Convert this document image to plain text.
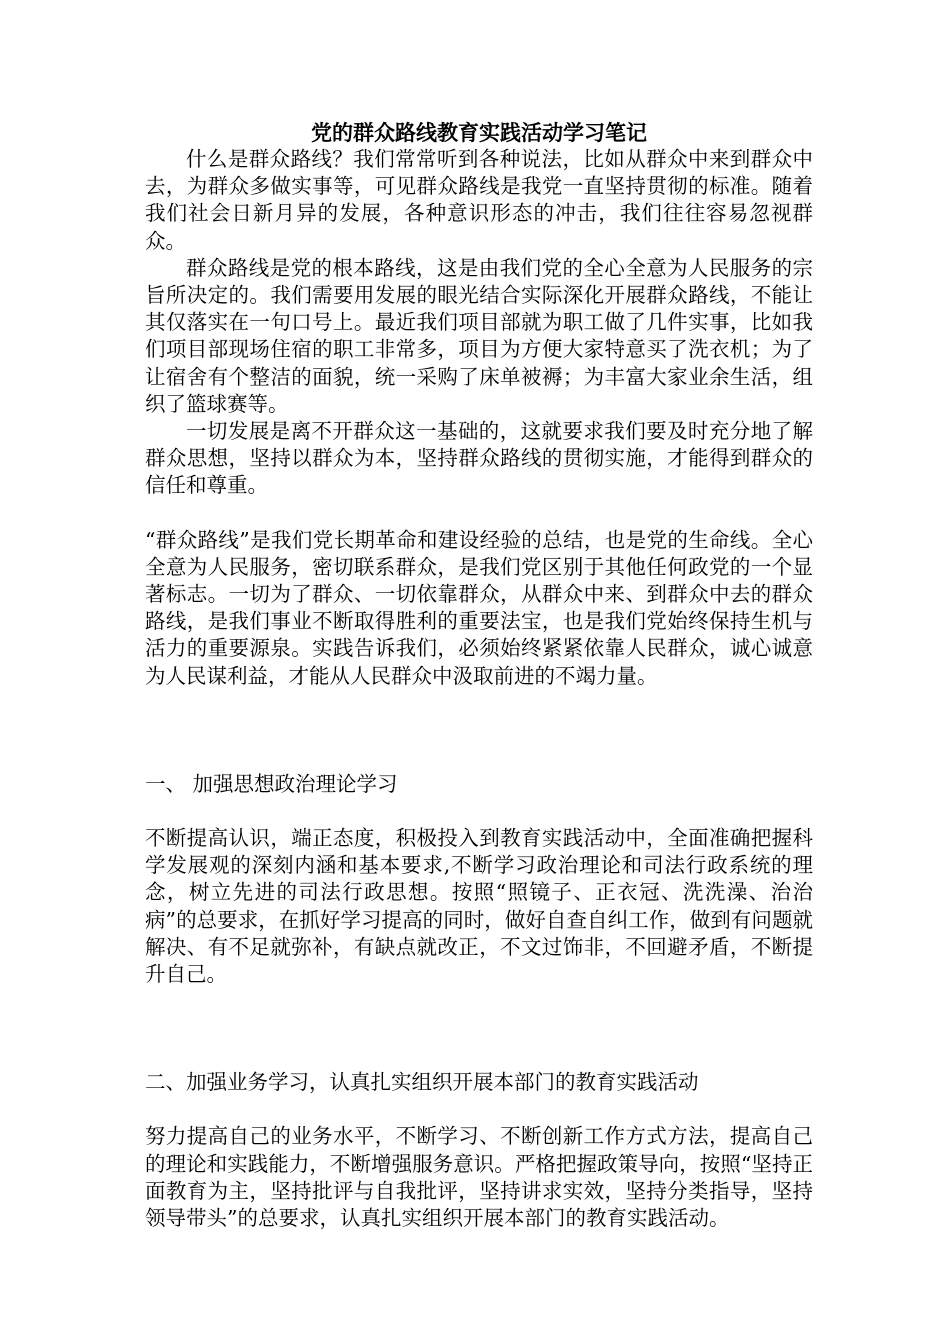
党的群众路线教育实践活动学习笔记

什么是群众路线？我们常常听到各种说法，比如从群众中来到群众中去，为群众多做实事等，可见群众路线是我党一直坚持贯彻的标准。随着我们社会日新月异的发展，各种意识形态的冲击，我们往往容易忽视群众。

群众路线是党的根本路线，这是由我们党的全心全意为人民服务的宗旨所决定的。我们需要用发展的眼光结合实际深化开展群众路线，不能让其仅落实在一句口号上。最近我们项目部就为职工做了几件实事，比如我们项目部现场住宿的职工非常多，项目为方便大家特意买了洗衣机；为了让宿舍有个整洁的面貌，统一采购了床单被褥；为丰富大家业余生活，组织了篮球赛等。

一切发展是离不开群众这一基础的，这就要求我们要及时充分地了解群众思想，坚持以群众为本，坚持群众路线的贯彻实施，才能得到群众的信任和尊重。

“群众路线”是我们党长期革命和建设经验的总结，也是党的生命线。全心全意为人民服务，密切联系群众，是我们党区别于其他任何政党的一个显著标志。一切为了群众、一切依靠群众，从群众中来、到群众中去的群众路线，是我们事业不断取得胜利的重要法宝，也是我们党始终保持生机与活力的重要源泉。实践告诉我们，必须始终紧紧依靠人民群众，诚心诚意为人民谋利益，才能从人民群众中汲取前进的不竭力量。

一、 加强思想政治理论学习

不断提高认识，端正态度，积极投入到教育实践活动中，全面准确把握科学发展观的深刻内涵和基本要求,不断学习政治理论和司法行政系统的理念，树立先进的司法行政思想。按照“照镜子、正衣冠、洗洗澡、治治病”的总要求，在抓好学习提高的同时，做好自查自纠工作，做到有问题就解决、有不足就弥补，有缺点就改正，不文过饰非，不回避矛盾，不断提升自己。

二、加强业务学习，认真扎实组织开展本部门的教育实践活动

努力提高自己的业务水平，不断学习、不断创新工作方式方法，提高自己的理论和实践能力，不断增强服务意识。严格把握政策导向，按照“坚持正面教育为主，坚持批评与自我批评，坚持讲求实效，坚持分类指导，坚持领导带头”的总要求，认真扎实组织开展本部门的教育实践活动。
